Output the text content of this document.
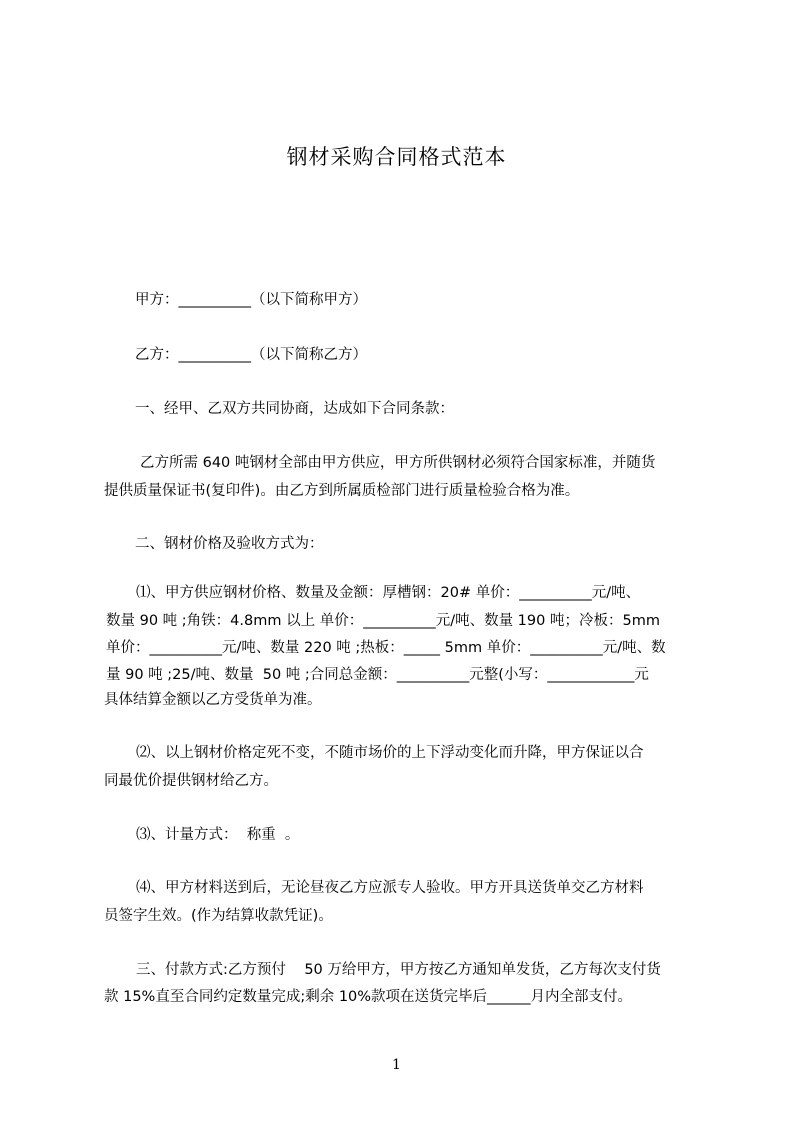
钢材采购合同格式范本
甲方：__________（以下简称甲方）
乙方：__________（以下简称乙方）
一、经甲、乙双方共同协商，达成如下合同条款：
乙方所需 640 吨钢材全部由甲方供应，甲方所供钢材必须符合国家标准，并随货
提供质量保证书(复印件)。由乙方到所属质检部门进行质量检验合格为准。
二、钢材价格及验收方式为：
⑴、甲方供应钢材价格、数量及金额：厚槽钢：20# 单价：__________元/吨、
数量 90 吨 ;角铁：4.8mm 以上 单价：__________元/吨、数量 190 吨；冷板：5mm
单价：__________元/吨、数量 220 吨 ;热板：_____ 5mm 单价：__________元/吨、数
量 90 吨 ;25/吨、数量  50 吨 ;合同总金额：__________元整(小写：____________元
具体结算金额以乙方受货单为准。
⑵、以上钢材价格定死不变，不随市场价的上下浮动变化而升降，甲方保证以合
同最优价提供钢材给乙方。
⑶、计量方式：  称重  。
⑷、甲方材料送到后，无论昼夜乙方应派专人验收。甲方开具送货单交乙方材料
员签字生效。(作为结算收款凭证)。
三、付款方式:乙方预付    50 万给甲方，甲方按乙方通知单发货，乙方每次支付货
款 15%直至合同约定数量完成;剩余 10%款项在送货完毕后______月内全部支付。
1
